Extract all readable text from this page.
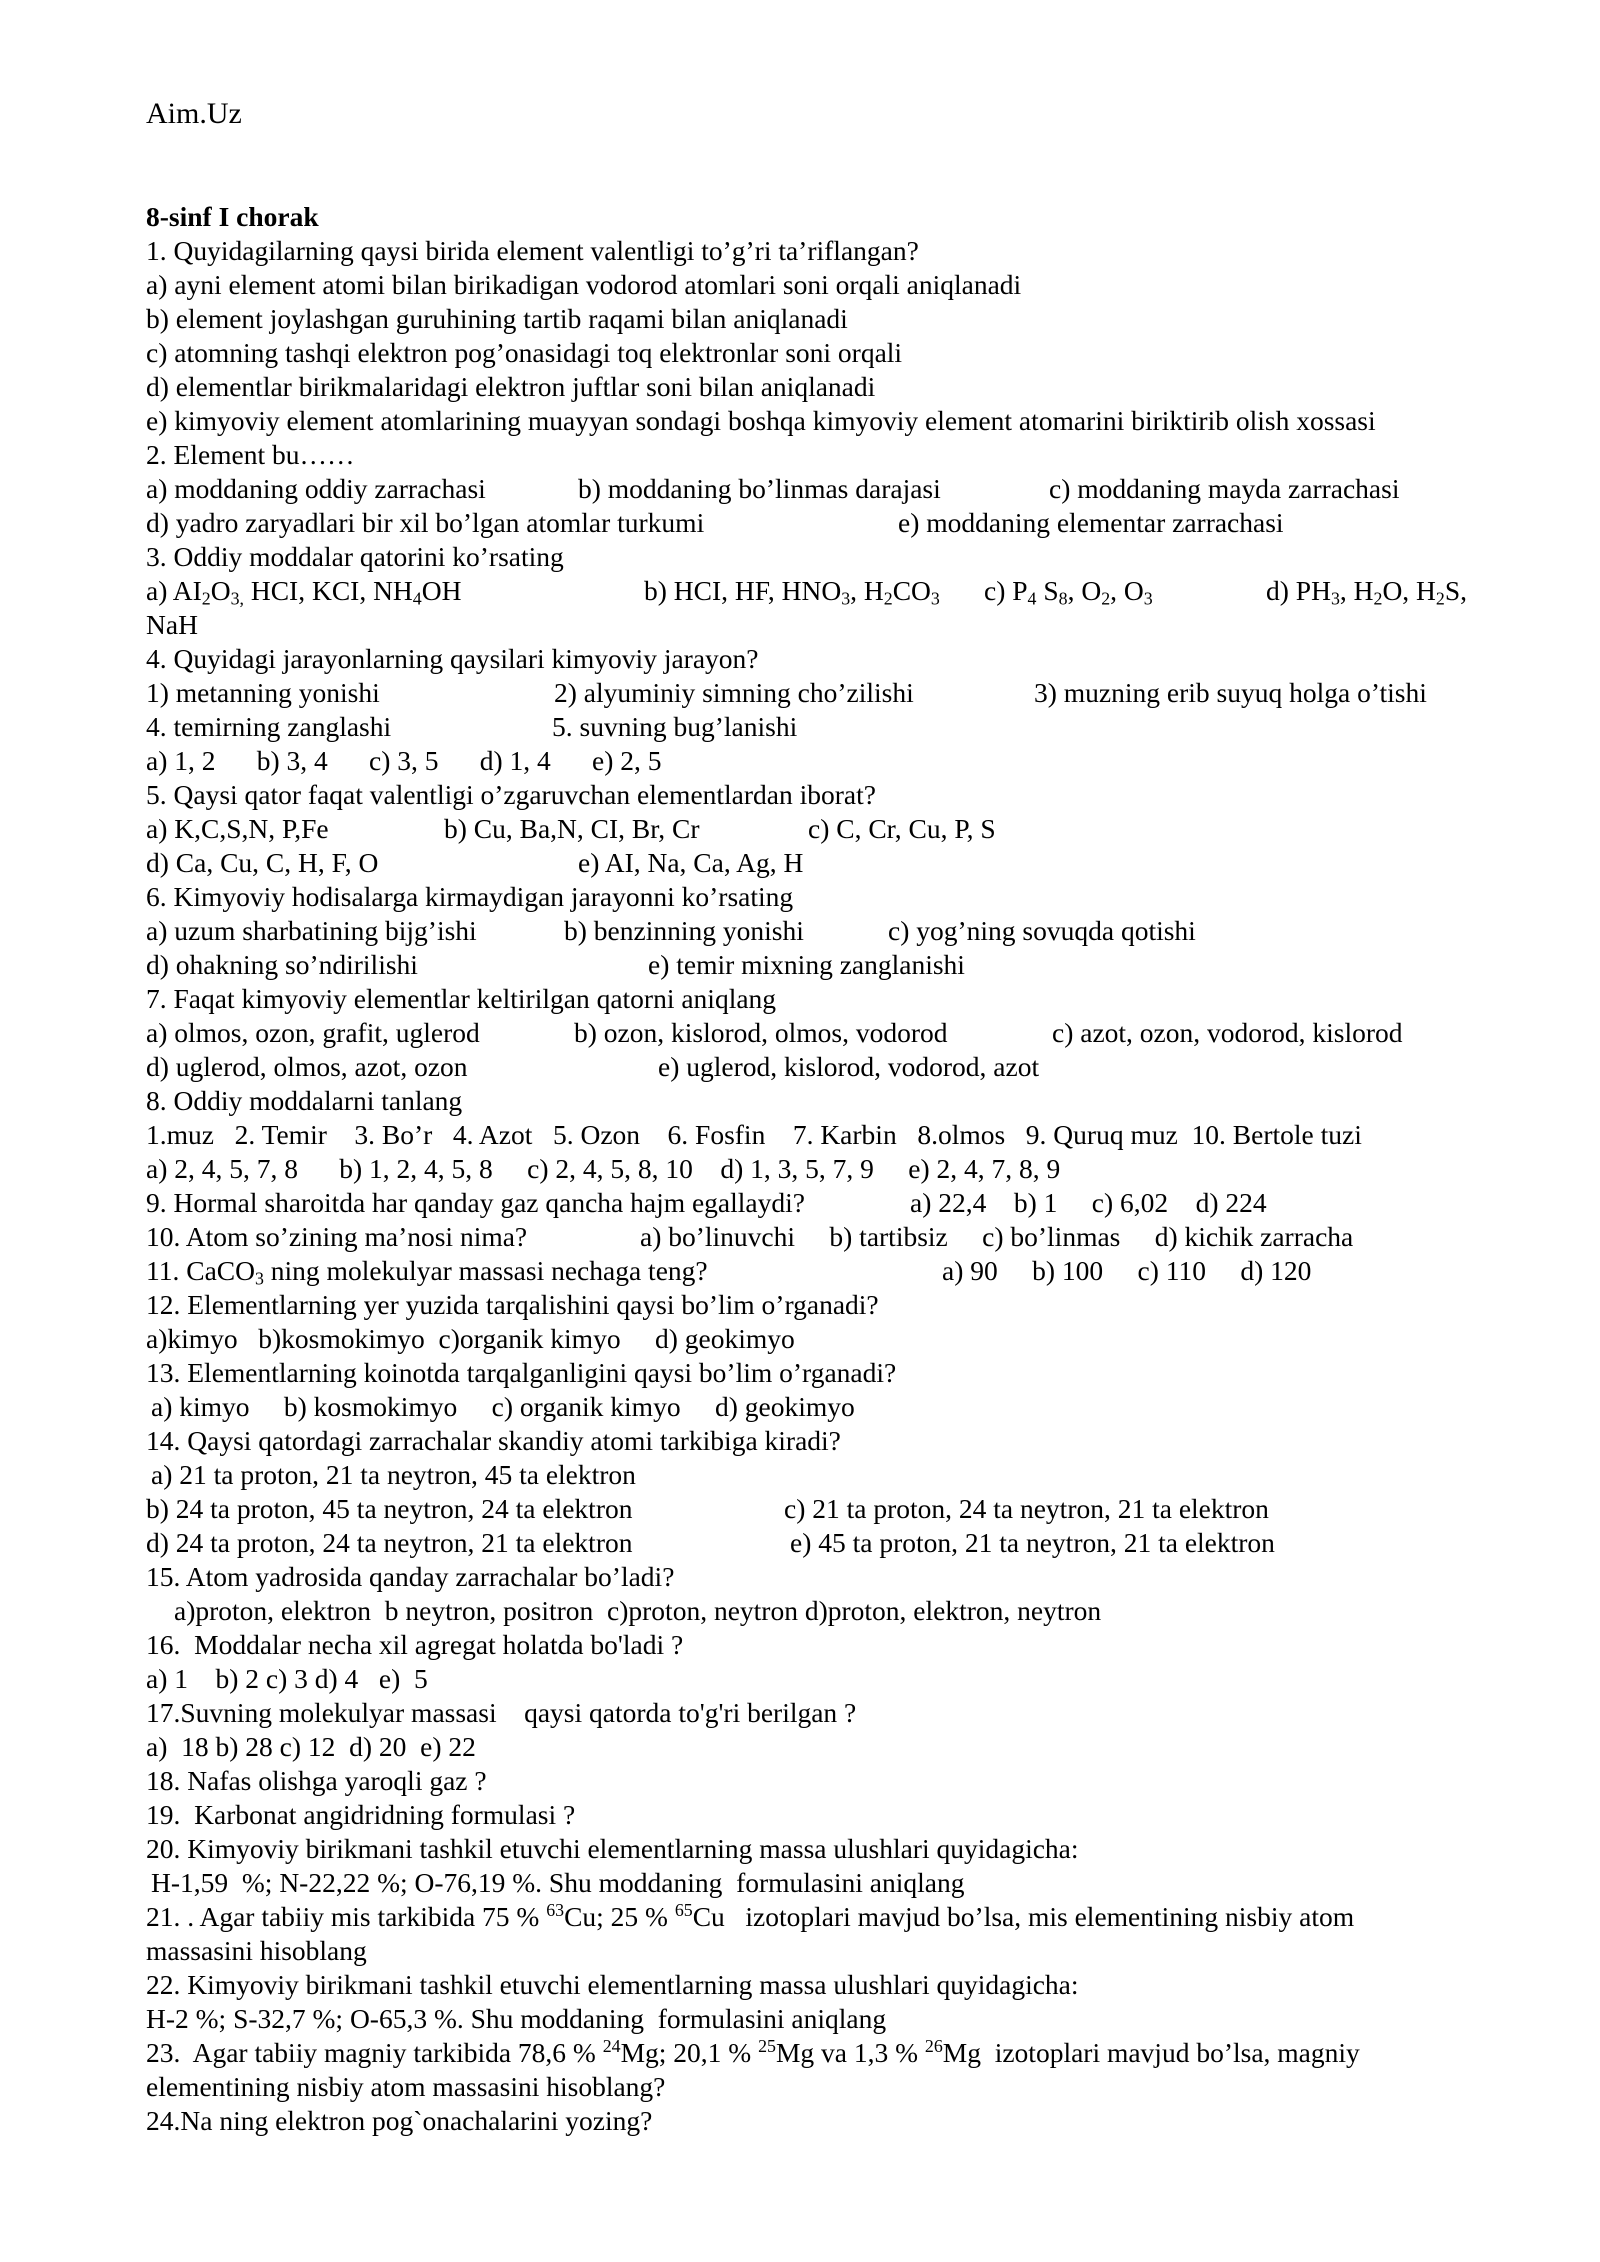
Aim.Uz
8-sinf I chorak
1. Quyidagilarning qaysi birida element valentligi to’g’ri ta’riflangan?
a) ayni element atomi bilan birikadigan vodorod atomlari soni orqali aniqlanadi
b) element joylashgan guruhining tartib raqami bilan aniqlanadi
c) atomning tashqi elektron pog’onasidagi toq elektronlar soni orqali
d) elementlar birikmalaridagi elektron juftlar soni bilan aniqlanadi
e) kimyoviy element atomlarining muayyan sondagi boshqa kimyoviy element atomarini biriktirib olish xossasi
2. Element bu……
a) moddaning oddiy zarrachasi	b) moddaning bo’linmas darajasi	c) moddaning mayda zarrachasi
d) yadro zaryadlari bir xil bo’lgan atomlar turkumi	e) moddaning elementar zarrachasi
3. Oddiy moddalar qatorini ko’rsating
a) $AI_2O_{3,}$ HCI, KCI, $NH_4OH$	b) HCI, HF, $HNO_3$, $H_2CO_3$ c) $P_4$ $S_8$, $O_2$, $O_3$	d) $PH_3$, $H_2O$, $H_2S$,
NaH
4. Quyidagi jarayonlarning qaysilari kimyoviy jarayon?
1) metanning yonishi	2) alyuminiy simning cho’zilishi	3) muzning erib suyuq holga o’tishi
4. temirning zanglashi	5. suvning bug’lanishi
a) 1, 2      b) 3, 4      c) 3, 5      d) 1, 4      e) 2, 5
5. Qaysi qator faqat valentligi o’zgaruvchan elementlardan iborat?
a) K,C,S,N, P,Fe	b) Cu, Ba,N, CI, Br, Cr	c) C, Cr, Cu, P, S
d) Ca, Cu, C, H, F, O	e) AI, Na, Ca, Ag, H
6. Kimyoviy hodisalarga kirmaydigan jarayonni ko’rsating
a) uzum sharbatining bijg’ishi	b) benzinning yonishi	c) yog’ning sovuqda qotishi
d) ohakning so’ndirilishi	e) temir mixning zanglanishi
7. Faqat kimyoviy elementlar keltirilgan qatorni aniqlang
a) olmos, ozon, grafit, uglerod	b) ozon, kislorod, olmos, vodorod	c) azot, ozon, vodorod, kislorod
d) uglerod, olmos, azot, ozon	e) uglerod, kislorod, vodorod, azot
8. Oddiy moddalarni tanlang
1.muz   2. Temir    3. Bo’r   4. Azot   5. Ozon    6. Fosfin    7. Karbin   8.olmos   9. Quruq muz  10. Bertole tuzi
a) 2, 4, 5, 7, 8      b) 1, 2, 4, 5, 8     c) 2, 4, 5, 8, 10    d) 1, 3, 5, 7, 9     e) 2, 4, 7, 8, 9
9. Hormal sharoitda har qanday gaz qancha hajm egallaydi?	a) 22,4    b) 1     c) 6,02    d) 224
10. Atom so’zining ma’nosi nima?	a) bo’linuvchi     b) tartibsiz     c) bo’linmas     d) kichik zarracha
11. CaCO$_3$ ning molekulyar massasi nechaga teng?	a) 90     b) 100     c) 110     d) 120
12. Elementlarning yer yuzida tarqalishini qaysi bo’lim o’rganadi?
a)kimyo   b)kosmokimyo  c)organik kimyo     d) geokimyo
13. Elementlarning koinotda tarqalganligini qaysi bo’lim o’rganadi?
a) kimyo     b) kosmokimyo     c) organik kimyo     d) geokimyo
14. Qaysi qatordagi zarrachalar skandiy atomi tarkibiga kiradi?
a) 21 ta proton, 21 ta neytron, 45 ta elektron
b) 24 ta proton, 45 ta neytron, 24 ta elektron	c) 21 ta proton, 24 ta neytron, 21 ta elektron
d) 24 ta proton, 24 ta neytron, 21 ta elektron	e) 45 ta proton, 21 ta neytron, 21 ta elektron
15. Atom yadrosida qanday zarrachalar bo’ladi?
a)proton, elektron  b neytron, positron  c)proton, neytron d)proton, elektron, neytron
16.  Moddalar necha xil agregat holatda bo'ladi ?
a) 1    b) 2 c) 3 d) 4   e)  5
17.Suvning molekulyar massasi    qaysi qatorda to'g'ri berilgan ?
a)  18 b) 28 c) 12  d) 20  e) 22
18. Nafas olishga yaroqli gaz ?
19.  Karbonat angidridning formulasi ?
20. Kimyoviy birikmani tashkil etuvchi elementlarning massa ulushlari quyidagicha:
H-1,59  %; N-22,22 %; O-76,19 %. Shu moddaning  formulasini aniqlang
21. . Agar tabiiy mis tarkibida 75 % $^{63}$Cu; 25 % $^{65}$Cu   izotoplari mavjud bo’lsa, mis elementining nisbiy atom
massasini hisoblang
22. Kimyoviy birikmani tashkil etuvchi elementlarning massa ulushlari quyidagicha:
H-2 %; S-32,7 %; O-65,3 %. Shu moddaning  formulasini aniqlang
23.  Agar tabiiy magniy tarkibida 78,6 % $^{24}$Mg; 20,1 % $^{25}$Mg va 1,3 % $^{26}$Mg  izotoplari mavjud bo’lsa, magniy
elementining nisbiy atom massasini hisoblang?
24.Na ning elektron pog`onachalarini yozing?
